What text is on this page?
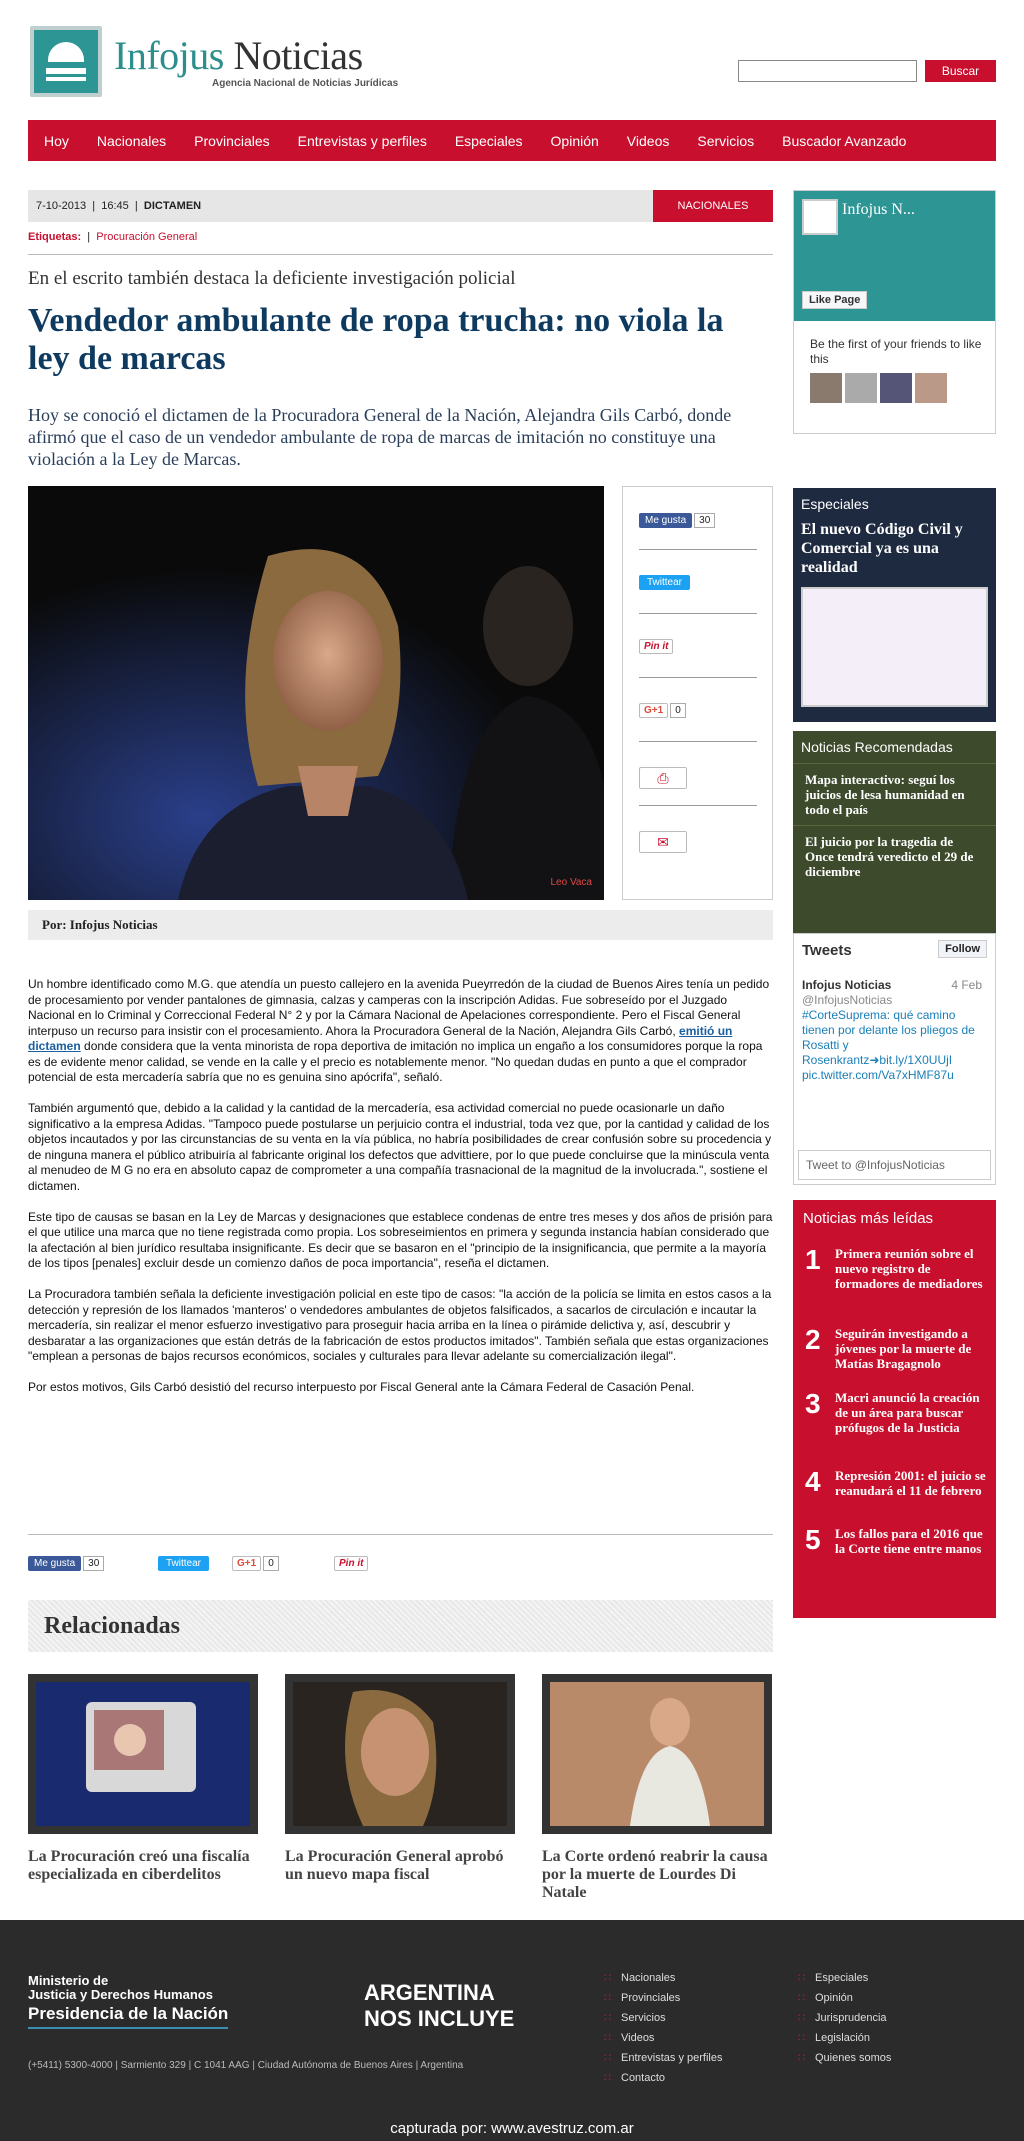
Infojus Noticias
Agencia Nacional de Noticias Jurídicas
Buscar
Hoy Nacionales Provinciales Entrevistas y perfiles Especiales Opinión Videos Servicios Buscador Avanzado
7-10-2013  |  16:45  |  DICTAMEN	NACIONALES
Etiquetas:  |  Procuración General
En el escrito también destaca la deficiente investigación policial
Vendedor ambulante de ropa trucha: no viola la ley de marcas
Hoy se conoció el dictamen de la Procuradora General de la Nación, Alejandra Gils Carbó, donde afirmó que el caso de un vendedor ambulante de ropa de marcas de imitación no constituye una violación a la Ley de Marcas.
Leo Vaca
Me gusta 30
Twittear
Pin it
G+1 0
⎙
✉
Por: Infojus Noticias

Un hombre identificado como M.G. que atendía un puesto callejero en la avenida Pueyrredón de la ciudad de Buenos Aires tenía un pedido de procesamiento por vender pantalones de gimnasia, calzas y camperas con la inscripción Adidas. Fue sobreseído por el Juzgado Nacional en lo Criminal y Correccional Federal N° 2 y por la Cámara Nacional de Apelaciones correspondiente. Pero el Fiscal General interpuso un recurso para insistir con el procesamiento. Ahora la Procuradora General de la Nación, Alejandra Gils Carbó, emitió un dictamen donde considera que la venta minorista de ropa deportiva de imitación no implica un engaño a los consumidores porque la ropa es de evidente menor calidad, se vende en la calle y el precio es notablemente menor. "No quedan dudas en punto a que el comprador potencial de esta mercadería sabría que no es genuina sino apócrifa", señaló.

También argumentó que, debido a la calidad y la cantidad de la mercadería, esa actividad comercial no puede ocasionarle un daño significativo a la empresa Adidas. "Tampoco puede postularse un perjuicio contra el industrial, toda vez que, por la cantidad y calidad de los objetos incautados y por las circunstancias de su venta en la vía pública, no habría posibilidades de crear confusión sobre su procedencia y de ninguna manera el público atribuiría al fabricante original los defectos que advittiere, por lo que puede concluirse que la minúscula venta al menudeo de M G no era en absoluto capaz de comprometer a una compañía trasnacional de la magnitud de la involucrada.", sostiene el dictamen.

Este tipo de causas se basan en la Ley de Marcas y designaciones que establece condenas de entre tres meses y dos años de prisión para el que utilice una marca que no tiene registrada como propia. Los sobreseimientos en primera y segunda instancia habían considerado que la afectación al bien jurídico resultaba insignificante. Es decir que se basaron en el "principio de la insignificancia, que permite a la mayoría de los tipos [penales] excluir desde un comienzo daños de poca importancia", reseña el dictamen.

La Procuradora también señala la deficiente investigación policial en este tipo de casos: "la acción de la policía se limita en estos casos a la detección y represión de los llamados 'manteros' o vendedores ambulantes de objetos falsificados, a sacarlos de circulación e incautar la mercadería, sin realizar el menor esfuerzo investigativo para proseguir hacia arriba en la línea o pirámide delictiva y, así, descubrir y desbaratar a las organizaciones que están detrás de la fabricación de estos productos imitados". También señala que estas organizaciones "emplean a personas de bajos recursos económicos, sociales y culturales para llevar adelante su comercialización ilegal".

Por estos motivos, Gils Carbó desistió del recurso interpuesto por Fiscal General ante la Cámara Federal de Casación Penal.

Me gusta 30	Twittear	G+1 0	Pin it
Relacionadas
La Procuración creó una fiscalía especializada en ciberdelitos
La Procuración General aprobó un nuevo mapa fiscal
La Corte ordenó reabrir la causa por la muerte de Lourdes Di Natale
Infojus N...
Like Page
Be the first of your friends to like this
Especiales
El nuevo Código Civil y Comercial ya es una realidad
Noticias Recomendadas
Mapa interactivo: seguí los juicios de lesa humanidad en todo el país
El juicio por la tragedia de Once tendrá veredicto el 29 de diciembre
Tweets	Follow
Infojus Noticias	4 Feb

@InfojusNoticias
#CorteSuprema: qué camino tienen por delante los pliegos de Rosatti y Rosenkrantz➜bit.ly/1X0UUjI pic.twitter.com/Va7xHMF87u
Tweet to @InfojusNoticias
Noticias más leídas
1 Primera reunión sobre el nuevo registro de formadores de mediadores
2 Seguirán investigando a jóvenes por la muerte de Matías Bragagnolo
3 Macri anunció la creación de un área para buscar prófugos de la Justicia
4 Represión 2001: el juicio se reanudará el 11 de febrero
5 Los fallos para el 2016 que la Corte tiene entre manos
Ministerio de
Justicia y Derechos Humanos
Presidencia de la Nación
ARGENTINA
NOS INCLUYE
(+5411) 5300-4000 | Sarmiento 329 | C 1041 AAG | Ciudad Autónoma de Buenos Aires | Argentina
∷ Nacionales
∷ Provinciales
∷ Servicios
∷ Videos
∷ Entrevistas y perfiles
∷ Contacto
∷ Especiales
∷ Opinión
∷ Jurisprudencia
∷ Legislación
∷ Quienes somos
capturada por: www.avestruz.com.ar
